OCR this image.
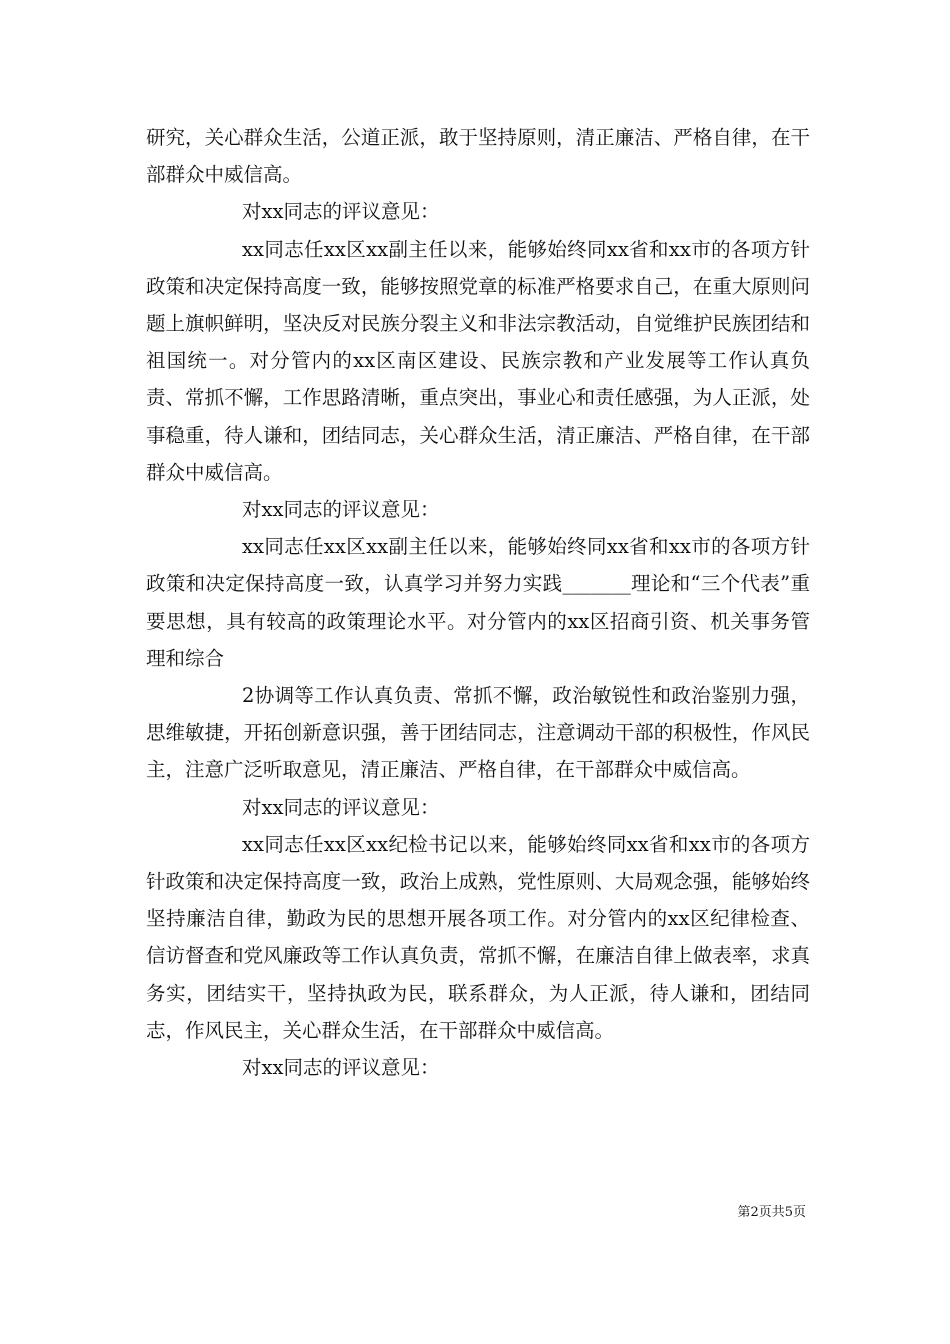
研究，关心群众生活，公道正派，敢于坚持原则，清正廉洁、严格自律，在干部群众中威信高。

对xx同志的评议意见：

xx同志任xx区xx副主任以来，能够始终同xx省和xx市的各项方针政策和决定保持高度一致，能够按照党章的标准严格要求自己，在重大原则问题上旗帜鲜明，坚决反对民族分裂主义和非法宗教活动，自觉维护民族团结和祖国统一。对分管内的xx区南区建设、民族宗教和产业发展等工作认真负责、常抓不懈，工作思路清晰，重点突出，事业心和责任感强，为人正派，处事稳重，待人谦和，团结同志，关心群众生活，清正廉洁、严格自律，在干部群众中威信高。

对xx同志的评议意见：

xx同志任xx区xx副主任以来，能够始终同xx省和xx市的各项方针政策和决定保持高度一致，认真学习并努力实践_______理论和“三个代表”重要思想，具有较高的政策理论水平。对分管内的xx区招商引资、机关事务管理和综合

2协调等工作认真负责、常抓不懈，政治敏锐性和政治鉴别力强，思维敏捷，开拓创新意识强，善于团结同志，注意调动干部的积极性，作风民主，注意广泛听取意见，清正廉洁、严格自律，在干部群众中威信高。

对xx同志的评议意见：

xx同志任xx区xx纪检书记以来，能够始终同xx省和xx市的各项方针政策和决定保持高度一致，政治上成熟，党性原则、大局观念强，能够始终坚持廉洁自律，勤政为民的思想开展各项工作。对分管内的xx区纪律检查、信访督查和党风廉政等工作认真负责，常抓不懈，在廉洁自律上做表率，求真务实，团结实干，坚持执政为民，联系群众，为人正派，待人谦和，团结同志，作风民主，关心群众生活，在干部群众中威信高。

对xx同志的评议意见：

第2页共5页
